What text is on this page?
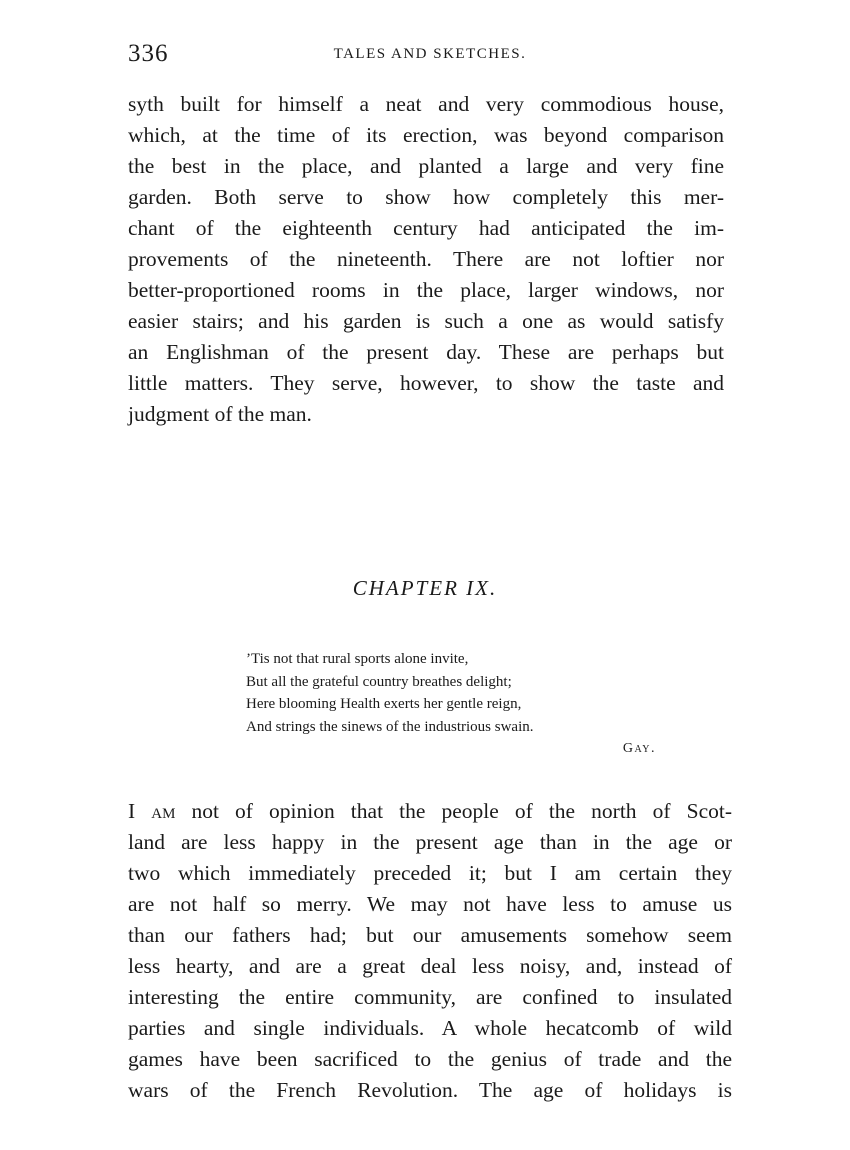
336	TALES AND SKETCHES.
syth built for himself a neat and very commodious house,
which, at the time of its erection, was beyond comparison
the best in the place, and planted a large and very fine
garden. Both serve to show how completely this mer-
chant of the eighteenth century had anticipated the im-
provements of the nineteenth. There are not loftier nor
better-proportioned rooms in the place, larger windows, nor
easier stairs; and his garden is such a one as would satisfy
an Englishman of the present day. These are perhaps but
little matters. They serve, however, to show the taste and
judgment of the man.
CHAPTER IX.
’Tis not that rural sports alone invite,
But all the grateful country breathes delight;
Here blooming Health exerts her gentle reign,
And strings the sinews of the industrious swain.
Gay.
I am not of opinion that the people of the north of Scot-
land are less happy in the present age than in the age or
two which immediately preceded it; but I am certain they
are not half so merry. We may not have less to amuse us
than our fathers had; but our amusements somehow seem
less hearty, and are a great deal less noisy, and, instead of
interesting the entire community, are confined to insulated
parties and single individuals. A whole hecatcomb of wild
games have been sacrificed to the genius of trade and the
wars of the French Revolution. The age of holidays is
